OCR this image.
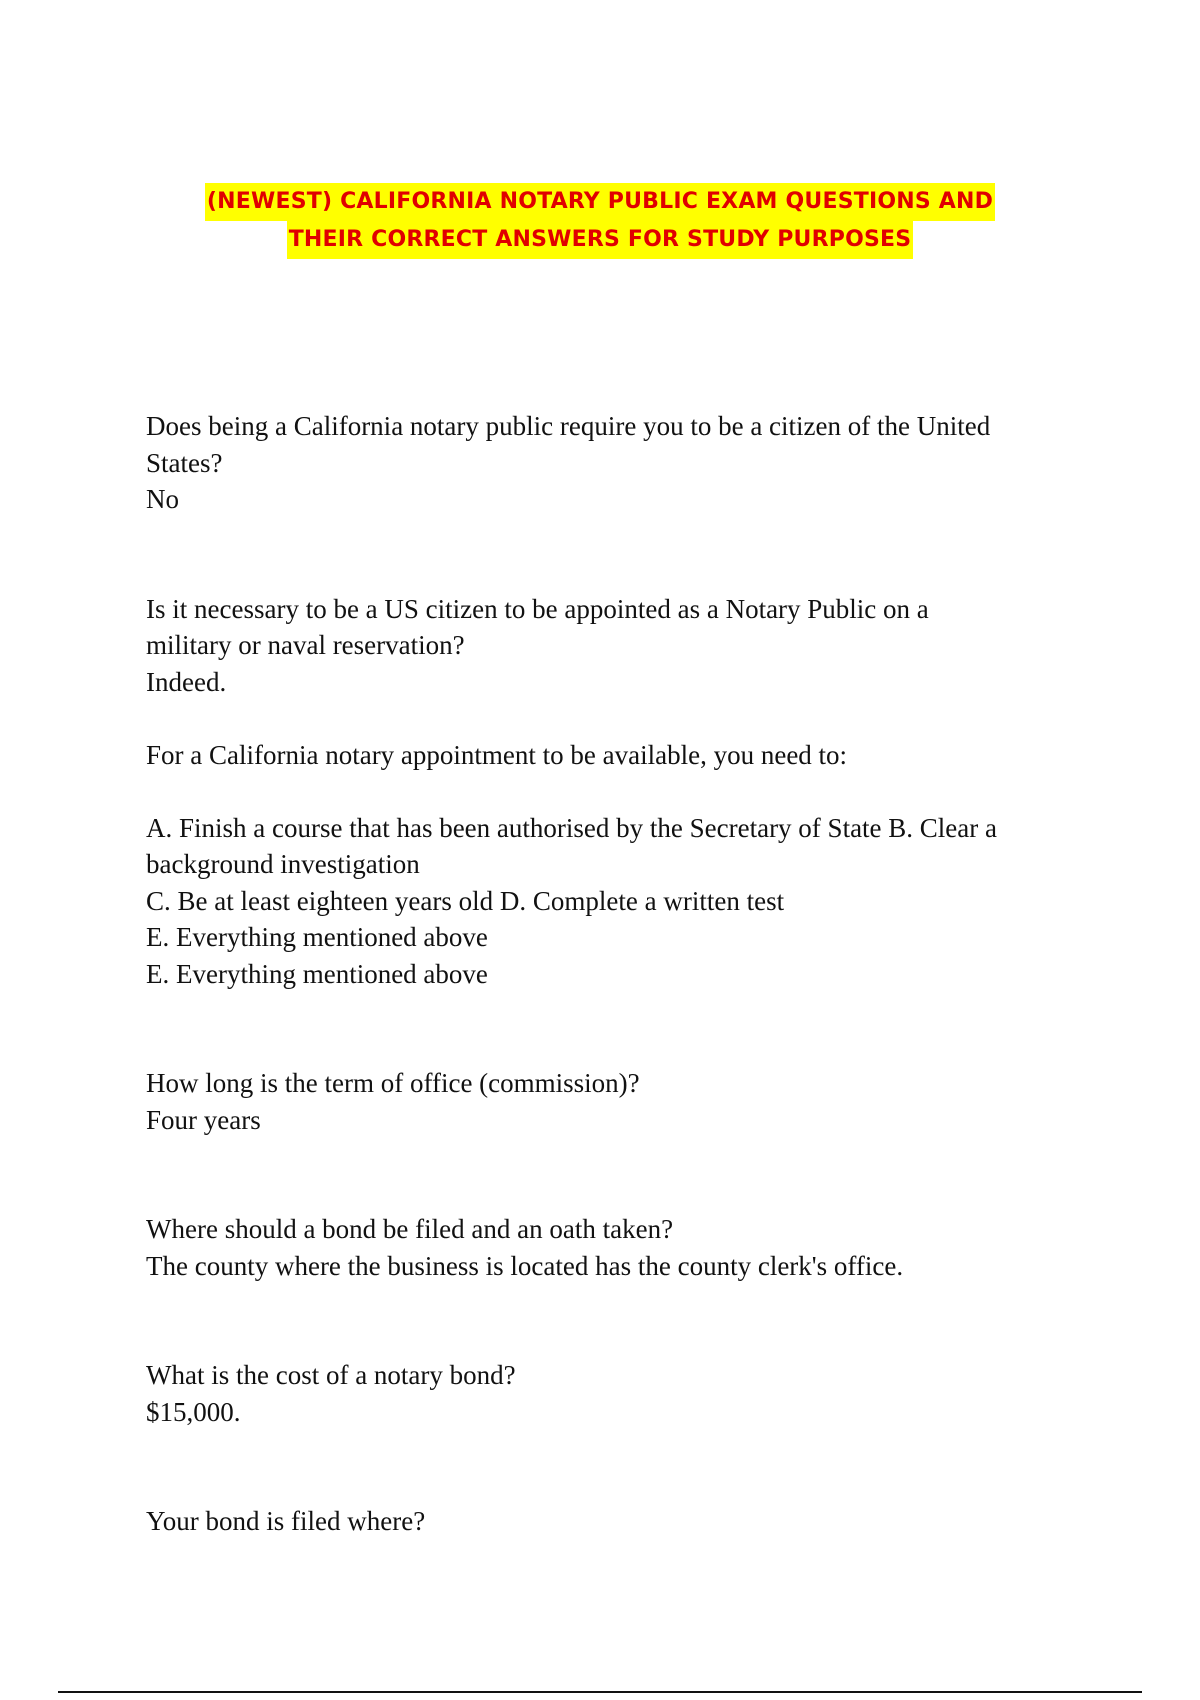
(NEWEST) CALIFORNIA NOTARY PUBLIC EXAM QUESTIONS AND
THEIR CORRECT ANSWERS FOR STUDY PURPOSES
Does being a California notary public require you to be a citizen of the United
States?
No
Is it necessary to be a US citizen to be appointed as a Notary Public on a
military or naval reservation?
Indeed.
For a California notary appointment to be available, you need to:
A. Finish a course that has been authorised by the Secretary of State B. Clear a
background investigation
C. Be at least eighteen years old D. Complete a written test
E. Everything mentioned above
E. Everything mentioned above
How long is the term of office (commission)?
Four years
Where should a bond be filed and an oath taken?
The county where the business is located has the county clerk's office.
What is the cost of a notary bond?
$15,000.
Your bond is filed where?
